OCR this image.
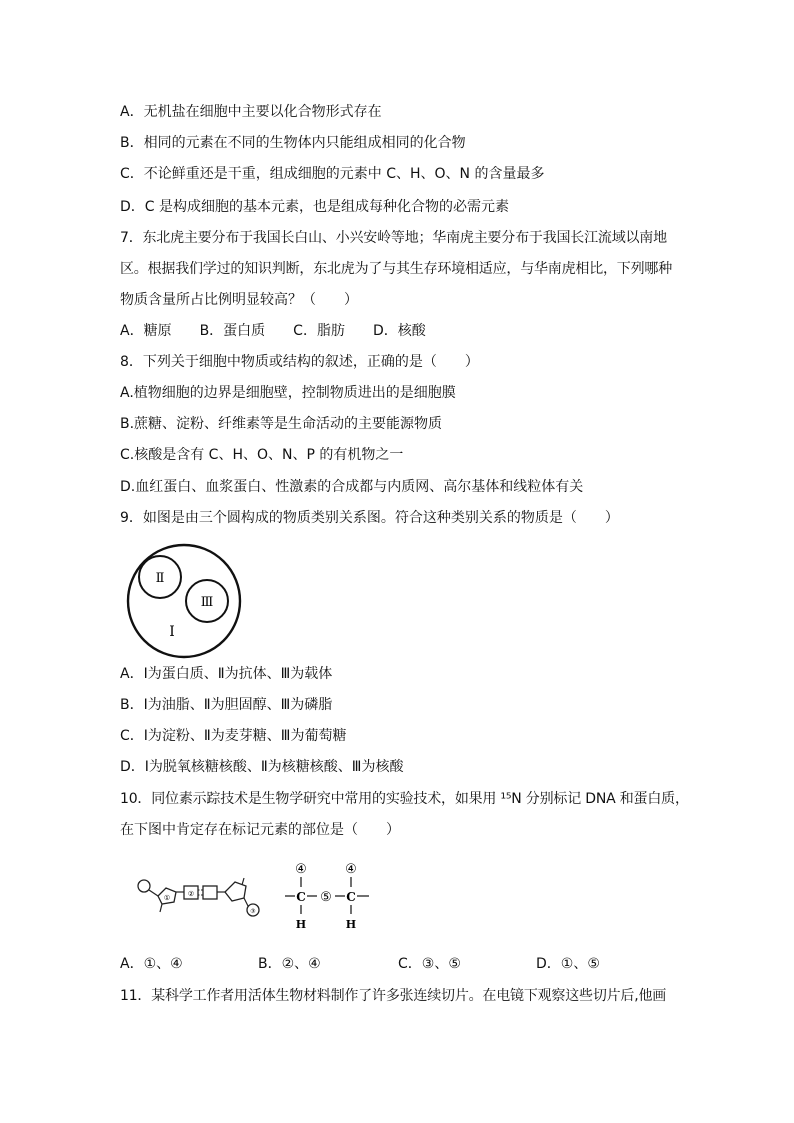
A．无机盐在细胞中主要以化合物形式存在
B．相同的元素在不同的生物体内只能组成相同的化合物
C．不论鲜重还是干重，组成细胞的元素中 C、H、O、N 的含量最多
D．C 是构成细胞的基本元素，也是组成每种化合物的必需元素
7．东北虎主要分布于我国长白山、小兴安岭等地；华南虎主要分布于我国长江流域以南地
区。根据我们学过的知识判断，东北虎为了与其生存环境相适应，与华南虎相比，下列哪种
物质含量所占比例明显较高？（　　）
A．糖原　　B．蛋白质　　C．脂肪　　D．核酸
8．下列关于细胞中物质或结构的叙述，正确的是（　　）
A.植物细胞的边界是细胞壁，控制物质进出的是细胞膜
B.蔗糖、淀粉、纤维素等是生命活动的主要能源物质
C.核酸是含有 C、H、O、N、P 的有机物之一
D.血红蛋白、血浆蛋白、性激素的合成都与内质网、高尔基体和线粒体有关
9．如图是由三个圆构成的物质类别关系图。符合这种类别关系的物质是（　　）
Ⅱ
Ⅲ
Ⅰ
A．Ⅰ为蛋白质、Ⅱ为抗体、Ⅲ为载体
B．Ⅰ为油脂、Ⅱ为胆固醇、Ⅲ为磷脂
C．Ⅰ为淀粉、Ⅱ为麦芽糖、Ⅲ为葡萄糖
D．Ⅰ为脱氧核糖核酸、Ⅱ为核糖核酸、Ⅲ为核酸
10．同位素示踪技术是生物学研究中常用的实验技术，如果用 ¹⁵N 分别标记 DNA 和蛋白质，
在下图中肯定存在标记元素的部位是（　　）
①	②
③
④	④
C ⑤ C
H	H
A．①、④	B．②、④	C．③、⑤	D．①、⑤
11．某科学工作者用活体生物材料制作了许多张连续切片。在电镜下观察这些切片后,他画
